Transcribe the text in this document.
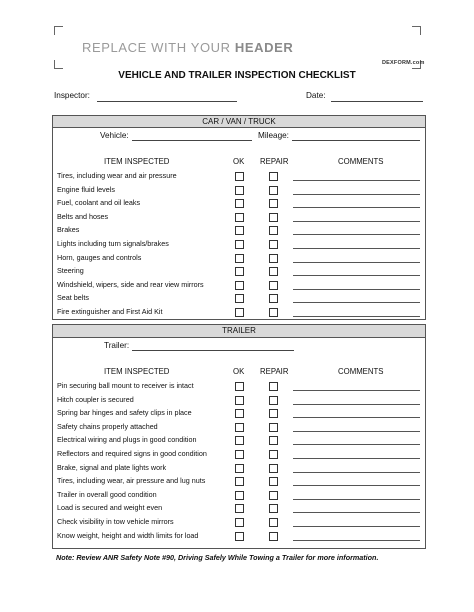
REPLACE WITH YOUR HEADER
DEXFORM.com
VEHICLE AND TRAILER INSPECTION CHECKLIST
Inspector:	Date:
CAR / VAN / TRUCK
Vehicle:	Mileage:
ITEM INSPECTED	OK REPAIR	COMMENTS
Tires, including wear and air pressure
Engine fluid levels
Fuel, coolant and oil leaks
Belts and hoses
Brakes
Lights including turn signals/brakes
Horn, gauges and controls
Steering
Windshield, wipers, side and rear view mirrors
Seat belts
Fire extinguisher and First Aid Kit
TRAILER
Trailer:
ITEM INSPECTED	OK REPAIR	COMMENTS
Pin securing ball mount to receiver is intact
Hitch coupler is secured
Spring bar hinges and safety clips in place
Safety chains properly attached
Electrical wiring and plugs in good condition
Reflectors and required signs in good condition
Brake, signal and plate lights work
Tires, including wear, air pressure and lug nuts
Trailer in overall good condition
Load is secured and weight even
Check visibility in tow vehicle mirrors
Know weight, height and width limits for load
Note: Review ANR Safety Note #90, Driving Safely While Towing a Trailer for more information.
